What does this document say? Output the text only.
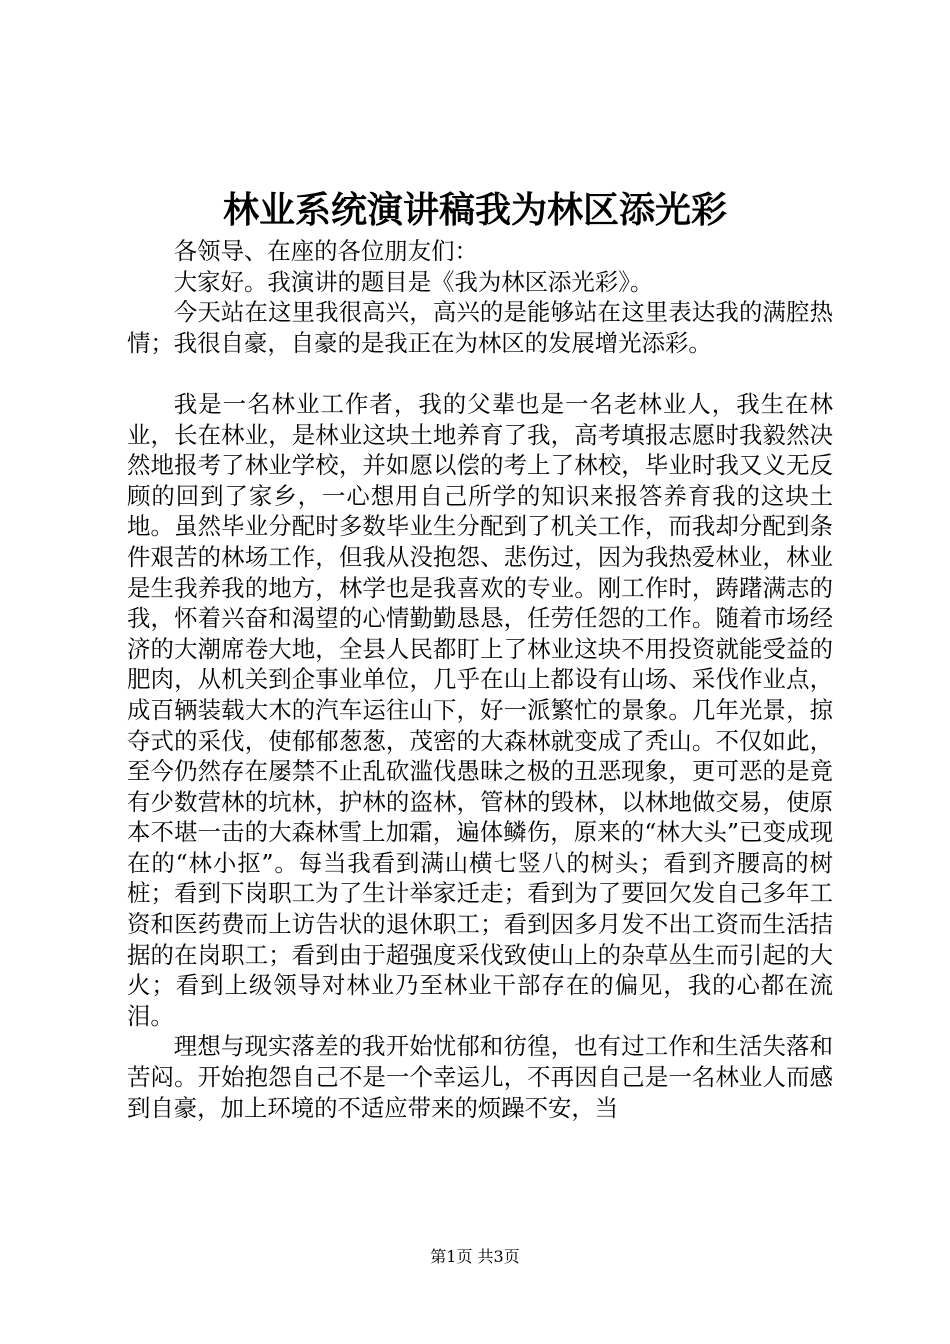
林业系统演讲稿我为林区添光彩

各领导、在座的各位朋友们：

大家好。我演讲的题目是《我为林区添光彩》。

今天站在这里我很高兴，高兴的是能够站在这里表达我的满腔热情；我很自豪，自豪的是我正在为林区的发展增光添彩。

我是一名林业工作者，我的父辈也是一名老林业人，我生在林业，长在林业，是林业这块土地养育了我，高考填报志愿时我毅然决然地报考了林业学校，并如愿以偿的考上了林校，毕业时我又义无反顾的回到了家乡，一心想用自己所学的知识来报答养育我的这块土地。虽然毕业分配时多数毕业生分配到了机关工作，而我却分配到条件艰苦的林场工作，但我从没抱怨、悲伤过，因为我热爱林业，林业是生我养我的地方，林学也是我喜欢的专业。刚工作时，踌躇满志的我，怀着兴奋和渴望的心情勤勤恳恳，任劳任怨的工作。随着市场经济的大潮席卷大地，全县人民都盯上了林业这块不用投资就能受益的肥肉，从机关到企事业单位，几乎在山上都设有山场、采伐作业点，成百辆装载大木的汽车运往山下，好一派繁忙的景象。几年光景，掠夺式的采伐，使郁郁葱葱，茂密的大森林就变成了秃山。不仅如此，至今仍然存在屡禁不止乱砍滥伐愚昧之极的丑恶现象，更可恶的是竟有少数营林的坑林，护林的盗林，管林的毁林，以林地做交易，使原本不堪一击的大森林雪上加霜，遍体鳞伤，原来的“林大头”已变成现在的“林小抠”。每当我看到满山横七竖八的树头；看到齐腰高的树桩；看到下岗职工为了生计举家迁走；看到为了要回欠发自己多年工资和医药费而上访告状的退休职工；看到因多月发不出工资而生活拮据的在岗职工；看到由于超强度采伐致使山上的杂草丛生而引起的大火；看到上级领导对林业乃至林业干部存在的偏见，我的心都在流泪。

理想与现实落差的我开始忧郁和彷徨，也有过工作和生活失落和苦闷。开始抱怨自己不是一个幸运儿，不再因自己是一名林业人而感到自豪，加上环境的不适应带来的烦躁不安，当

第1页 共3页
